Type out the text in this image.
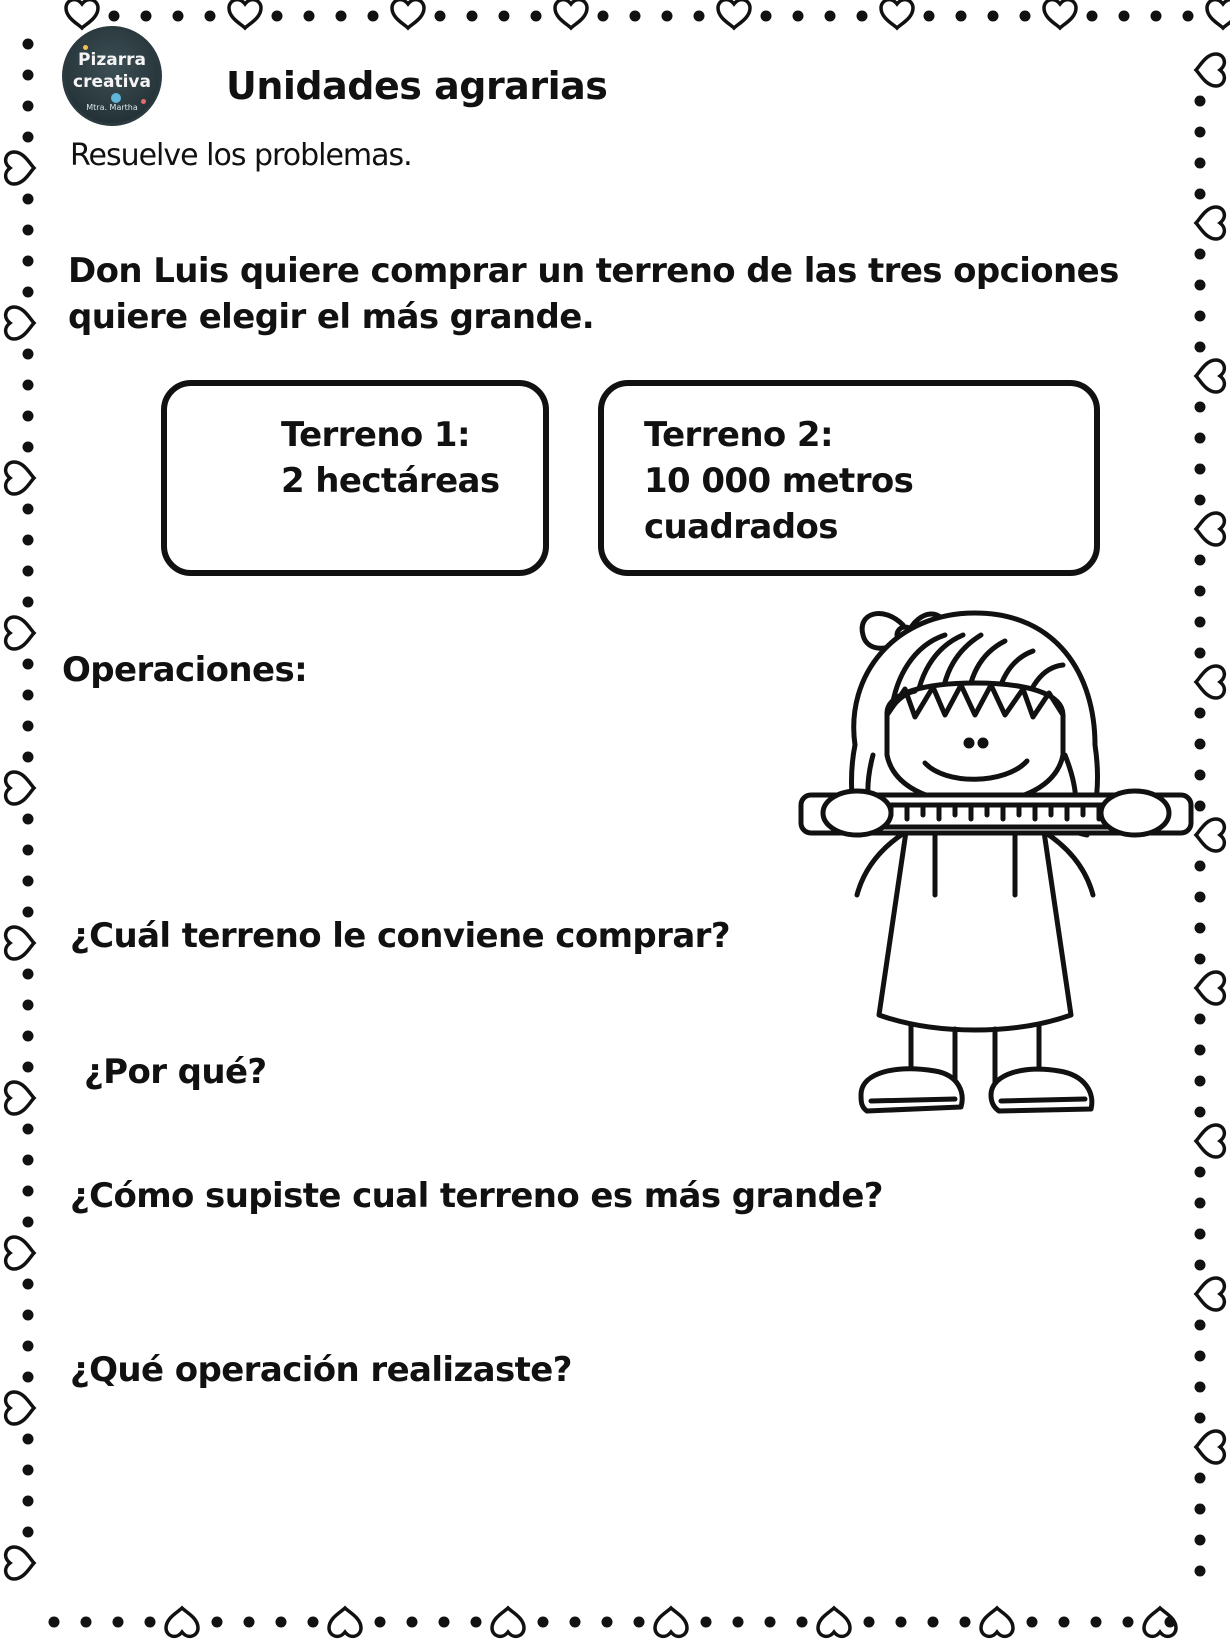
Pizarra
creativa
Mtra. Martha	Unidades agrarias
Resuelve los problemas.
Don Luis quiere comprar un terreno de las tres opciones quiere elegir el más grande.
Terreno 1:
2 hectáreas
Terreno 2:
10 000 metros cuadrados
Operaciones:
¿Cuál terreno le conviene comprar?
¿Por qué?
¿Cómo supiste cual terreno es más grande?
¿Qué operación realizaste?
